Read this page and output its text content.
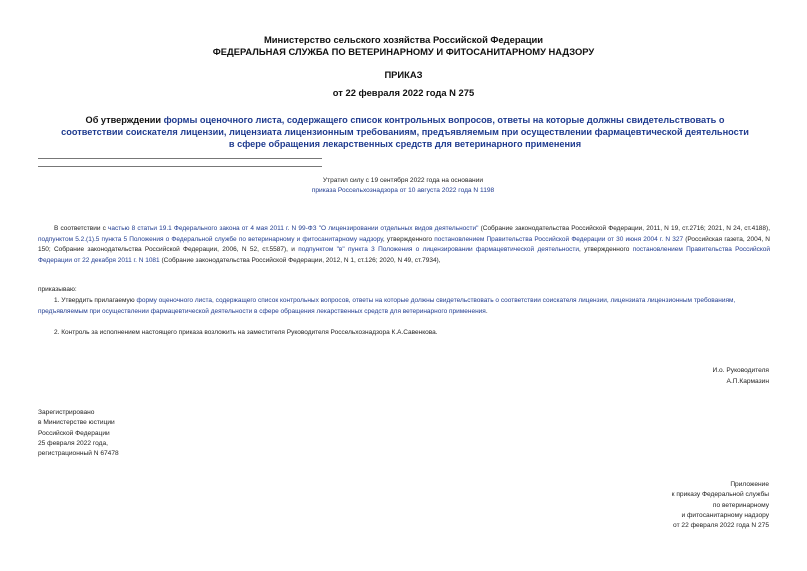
Министерство сельского хозяйства Российской Федерации
ФЕДЕРАЛЬНАЯ СЛУЖБА ПО ВЕТЕРИНАРНОМУ И ФИТОСАНИТАРНОМУ НАДЗОРУ
ПРИКАЗ
от 22 февраля 2022 года N 275
Об утверждении формы оценочного листа, содержащего список контрольных вопросов, ответы на которые должны свидетельствовать о соответствии соискателя лицензии, лицензиата лицензионным требованиям, предъявляемым при осуществлении фармацевтической деятельности в сфере обращения лекарственных средств для ветеринарного применения
Утратил силу с 19 сентября 2022 года на основании
приказа Россельхознадзора от 10 августа 2022 года N 1198
В соответствии с частью 8 статьи 19.1 Федерального закона от 4 мая 2011 г. N 99-ФЗ "О лицензировании отдельных видов деятельности" (Собрание законодательства Российской Федерации, 2011, N 19, ст.2716; 2021, N 24, ст.4188), подпунктом 5.2.(1).5 пункта 5 Положения о Федеральной службе по ветеринарному и фитосанитарному надзору, утвержденного постановлением Правительства Российской Федерации от 30 июня 2004 г. N 327 (Российская газета, 2004, N 150; Собрание законодательства Российской Федерации, 2006, N 52, ст.5587), и подпунктом "в" пункта 3 Положения о лицензировании фармацевтической деятельности, утвержденного постановлением Правительства Российской Федерации от 22 декабря 2011 г. N 1081 (Собрание законодательства Российской Федерации, 2012, N 1, ст.126; 2020, N 49, ст.7934),
приказываю:
1. Утвердить прилагаемую форму оценочного листа, содержащего список контрольных вопросов, ответы на которые должны свидетельствовать о соответствии соискателя лицензии, лицензиата лицензионным требованиям, предъявляемым при осуществлении фармацевтической деятельности в сфере обращения лекарственных средств для ветеринарного применения.
2. Контроль за исполнением настоящего приказа возложить на заместителя Руководителя Россельхознадзора К.А.Савенкова.
И.о. Руководителя
А.П.Кармазин
Зарегистрировано
в Министерстве юстиции
Российской Федерации
25 февраля 2022 года,
регистрационный N 67478
Приложение
к приказу Федеральной службы
по ветеринарному
и фитосанитарному надзору
от 22 февраля 2022 года N 275
